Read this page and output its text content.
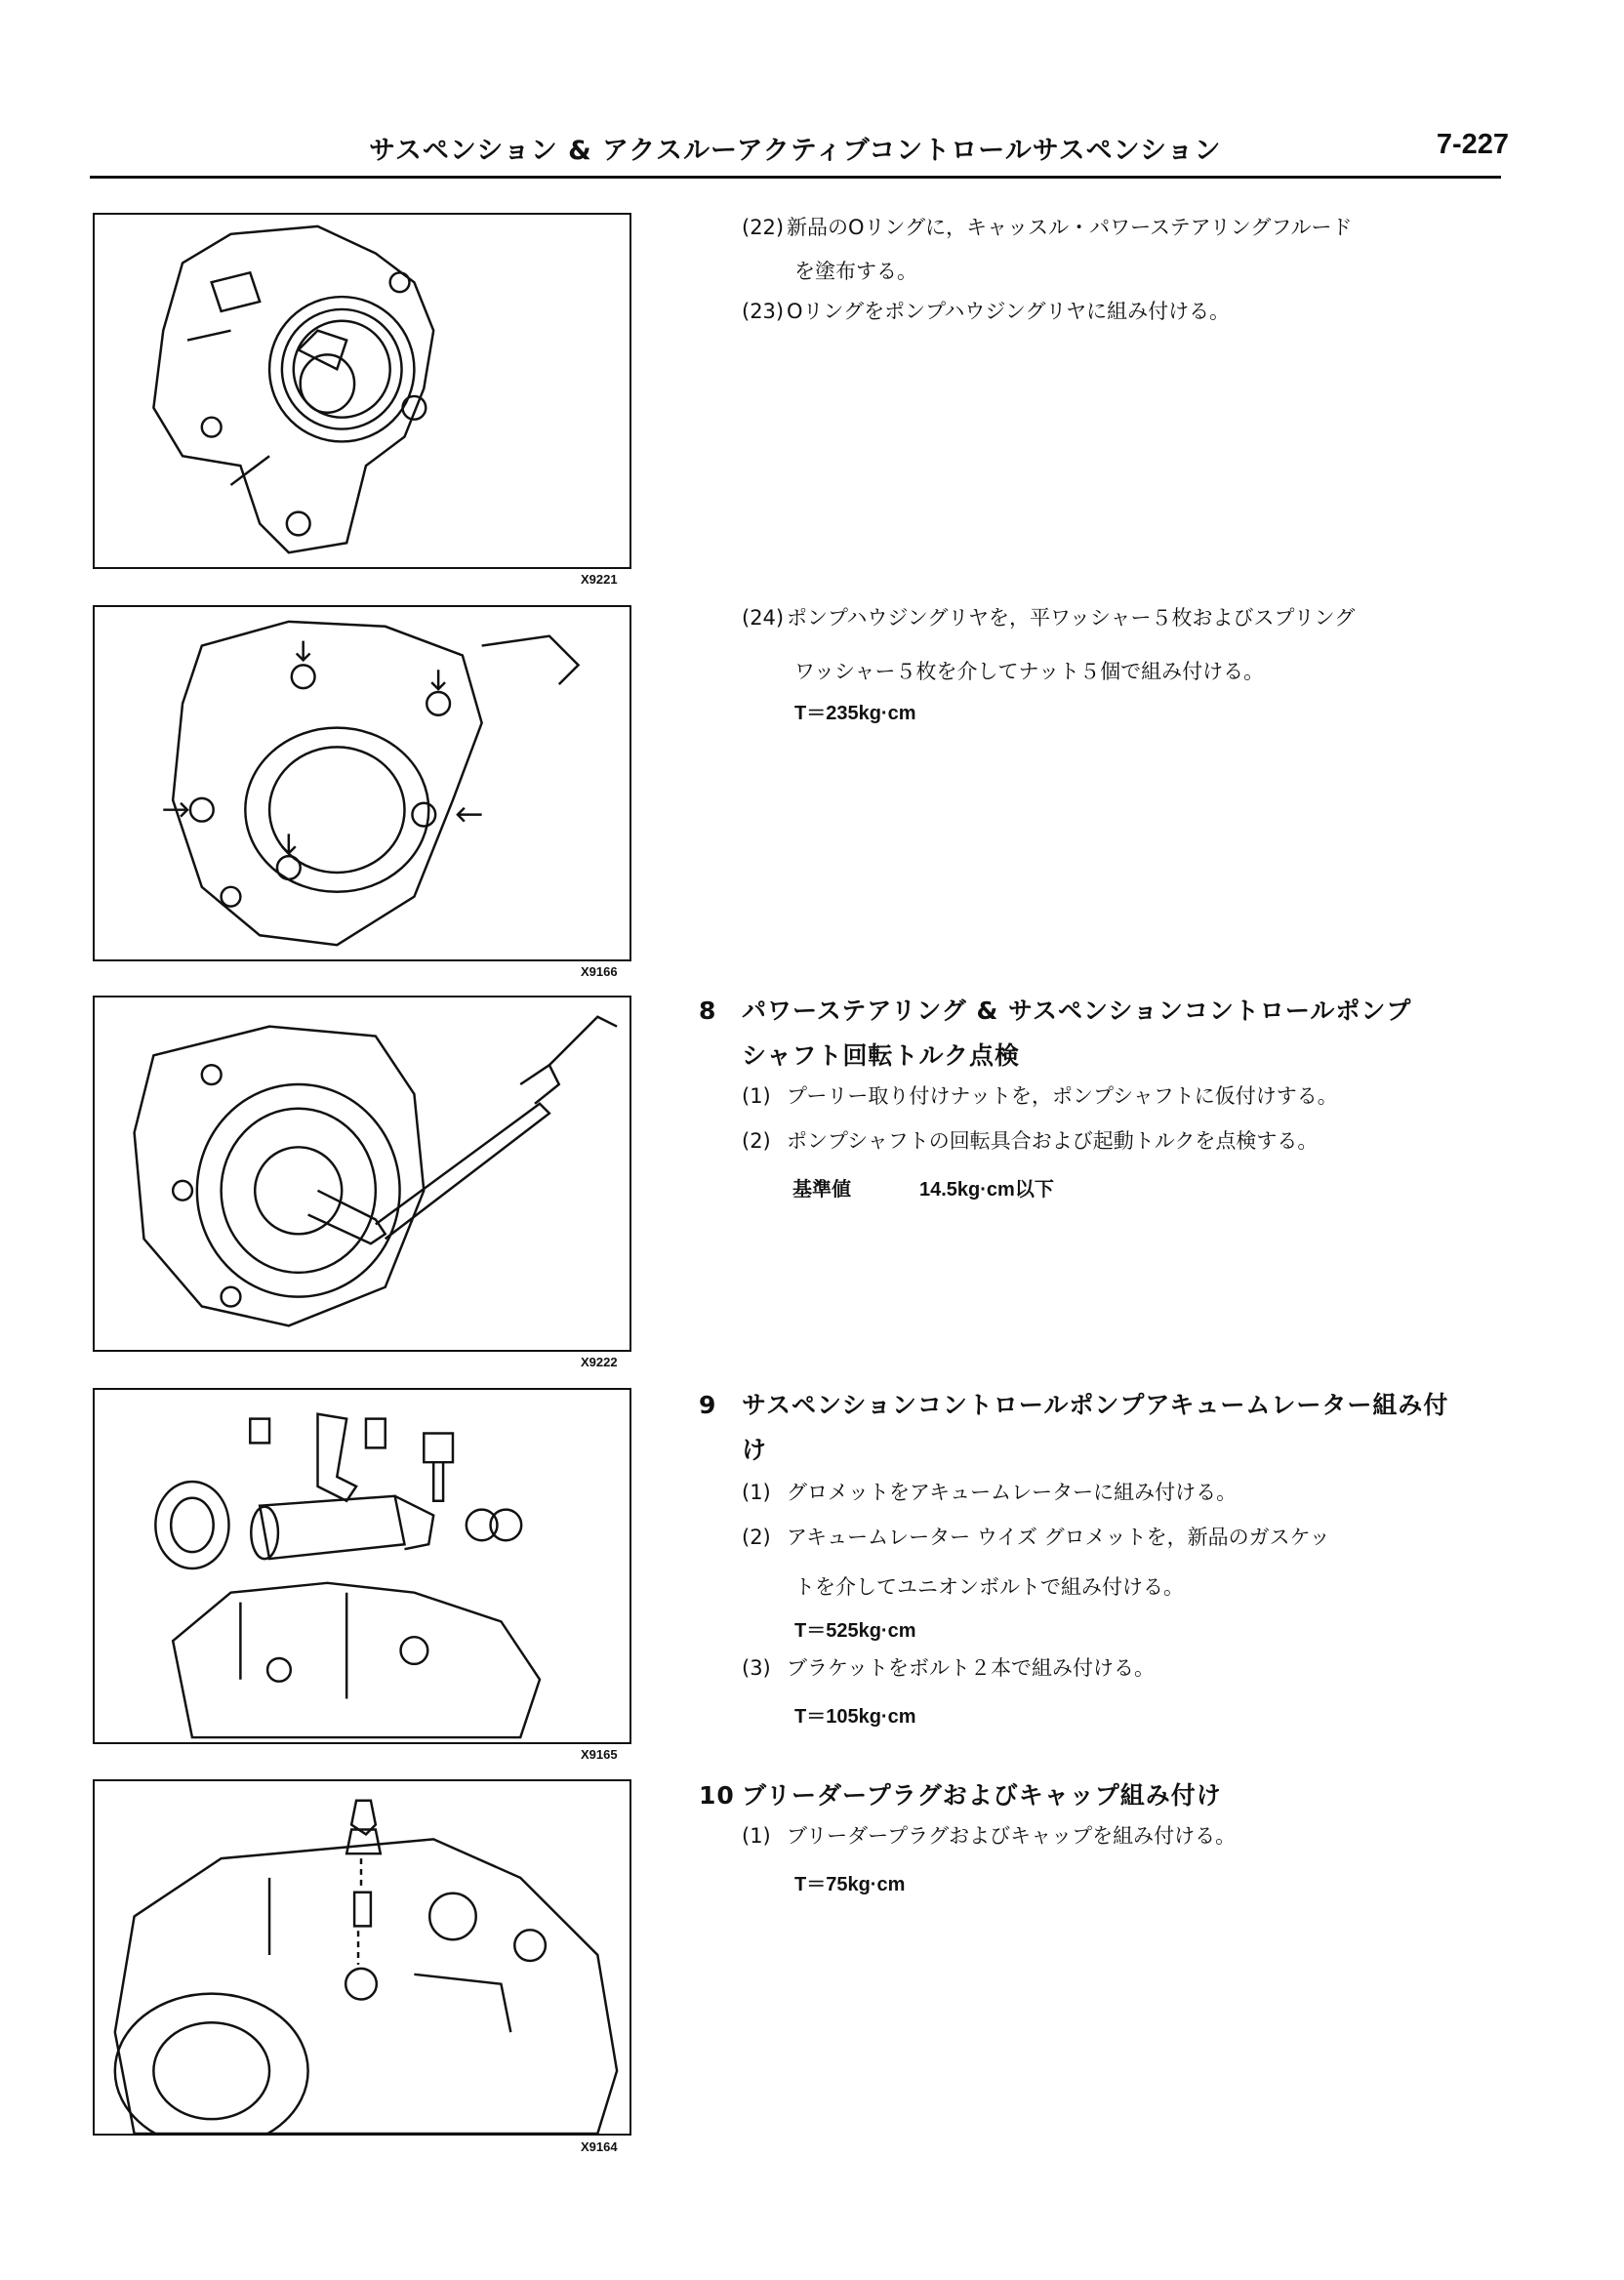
サスペンション & アクスルーアクティブコントロールサスペンション	7-227
X9221
X9166
X9222
X9165
X9164
(22) 新品のOリングに，キャッスル・パワーステアリングフルード
を塗布する。
(23) Oリングをポンプハウジングリヤに組み付ける。
(24) ポンプハウジングリヤを，平ワッシャー５枚およびスプリング
ワッシャー５枚を介してナット５個で組み付ける。
T＝235kg·cm
8 パワーステアリング & サスペンションコントロールポンプ
シャフト回転トルク点検
(1) プーリー取り付けナットを，ポンプシャフトに仮付けする。
(2) ポンプシャフトの回転具合および起動トルクを点検する。
基準値	14.5kg·cm以下
9 サスペンションコントロールポンプアキュームレーター組み付
け
(1) グロメットをアキュームレーターに組み付ける。
(2) アキュームレーター ウイズ グロメットを，新品のガスケッ
トを介してユニオンボルトで組み付ける。
T＝525kg·cm
(3) ブラケットをボルト２本で組み付ける。
T＝105kg·cm
10 ブリーダープラグおよびキャップ組み付け
(1) ブリーダープラグおよびキャップを組み付ける。
T＝75kg·cm
